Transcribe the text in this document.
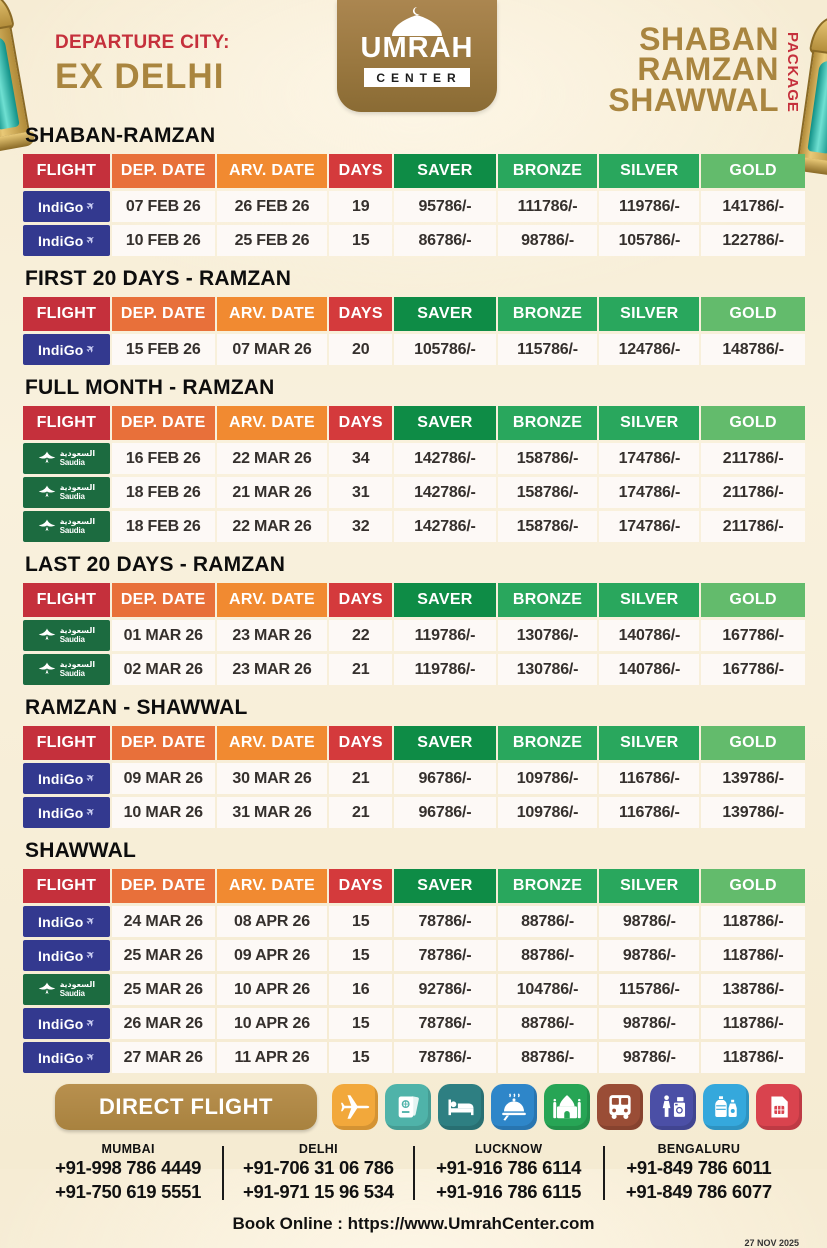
DEPARTURE CITY:
EX DELHI
UMRAH
CENTER
SHABAN
RAMZAN
SHAWWAL PACKAGE
SHABAN-RAMZAN
FLIGHT	DEP. DATE	ARV. DATE	DAYS	SAVER	BRONZE	SILVER	GOLD

IndiGo ✈	07 FEB 26	26 FEB 26	19	95786/-	111786/-	119786/-	141786/-

IndiGo ✈	10 FEB 26	25 FEB 26	15	86786/-	98786/-	105786/-	122786/-
FIRST 20 DAYS - RAMZAN
FLIGHT	DEP. DATE	ARV. DATE	DAYS	SAVER	BRONZE	SILVER	GOLD

IndiGo ✈	15 FEB 26	07 MAR 26	20	105786/-	115786/-	124786/-	148786/-
FULL MONTH - RAMZAN
FLIGHT	DEP. DATE	ARV. DATE	DAYS	SAVER	BRONZE	SILVER	GOLD

السعودية
Saudia	16 FEB 26	22 MAR 26	34	142786/-	158786/-	174786/-	211786/-

السعودية
Saudia	18 FEB 26	21 MAR 26	31	142786/-	158786/-	174786/-	211786/-

السعودية
Saudia	18 FEB 26	22 MAR 26	32	142786/-	158786/-	174786/-	211786/-
LAST 20 DAYS - RAMZAN
FLIGHT	DEP. DATE	ARV. DATE	DAYS	SAVER	BRONZE	SILVER	GOLD

السعودية
Saudia	01 MAR 26	23 MAR 26	22	119786/-	130786/-	140786/-	167786/-

السعودية
Saudia	02 MAR 26	23 MAR 26	21	119786/-	130786/-	140786/-	167786/-
RAMZAN - SHAWWAL
FLIGHT	DEP. DATE	ARV. DATE	DAYS	SAVER	BRONZE	SILVER	GOLD

IndiGo ✈	09 MAR 26	30 MAR 26	21	96786/-	109786/-	116786/-	139786/-

IndiGo ✈	10 MAR 26	31 MAR 26	21	96786/-	109786/-	116786/-	139786/-
SHAWWAL
FLIGHT	DEP. DATE	ARV. DATE	DAYS	SAVER	BRONZE	SILVER	GOLD

IndiGo ✈	24 MAR 26	08 APR 26	15	78786/-	88786/-	98786/-	118786/-

IndiGo ✈	25 MAR 26	09 APR 26	15	78786/-	88786/-	98786/-	118786/-

السعودية
Saudia	25 MAR 26	10 APR 26	16	92786/-	104786/-	115786/-	138786/-

IndiGo ✈	26 MAR 26	10 APR 26	15	78786/-	88786/-	98786/-	118786/-

IndiGo ✈	27 MAR 26	11 APR 26	15	78786/-	88786/-	98786/-	118786/-
DIRECT FLIGHT
MUMBAI
+91-998 786 4449
+91-750 619 5551
DELHI
+91-706 31 06 786
+91-971 15 96 534
LUCKNOW
+91-916 786 6114
+91-916 786 6115
BENGALURU
+91-849 786 6011
+91-849 786 6077
Book Online : https://www.UmrahCenter.com
27 NOV 2025
